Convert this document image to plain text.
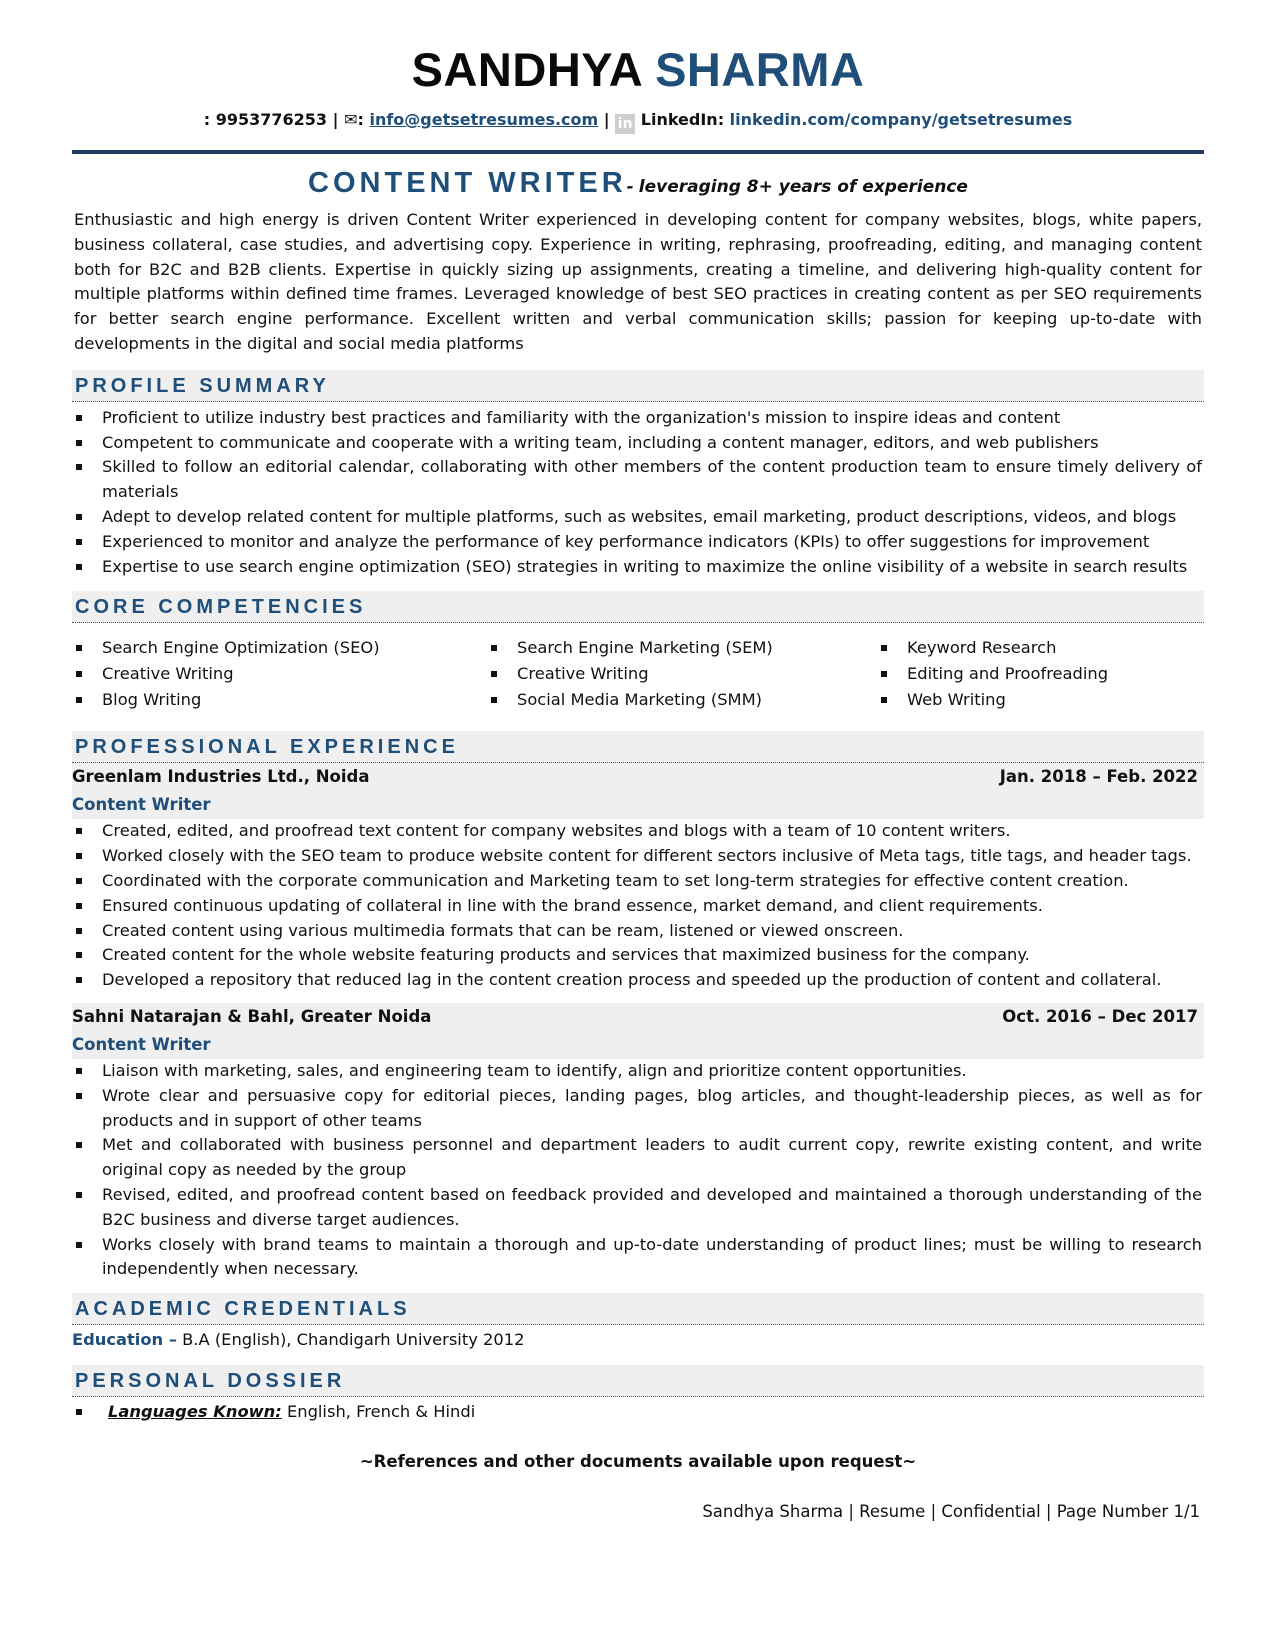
SANDHYA SHARMA
: 9953776253 | ✉: info@getsetresumes.com | in LinkedIn: linkedin.com/company/getsetresumes
CONTENT WRITER- leveraging 8+ years of experience

Enthusiastic and high energy is driven Content Writer experienced in developing content for company websites, blogs, white papers, business collateral, case studies, and advertising copy. Experience in writing, rephrasing, proofreading, editing, and managing content both for B2C and B2B clients. Expertise in quickly sizing up assignments, creating a timeline, and delivering high-quality content for multiple platforms within defined time frames. Leveraged knowledge of best SEO practices in creating content as per SEO requirements for better search engine performance. Excellent written and verbal communication skills; passion for keeping up-to-date with developments in the digital and social media platforms

PROFILE SUMMARY
Proficient to utilize industry best practices and familiarity with the organization's mission to inspire ideas and content
Competent to communicate and cooperate with a writing team, including a content manager, editors, and web publishers
Skilled to follow an editorial calendar, collaborating with other members of the content production team to ensure timely delivery of materials
Adept to develop related content for multiple platforms, such as websites, email marketing, product descriptions, videos, and blogs
Experienced to monitor and analyze the performance of key performance indicators (KPIs) to offer suggestions for improvement
Expertise to use search engine optimization (SEO) strategies in writing to maximize the online visibility of a website in search results
CORE COMPETENCIES
Search Engine Optimization (SEO)
Creative Writing
Blog Writing
Search Engine Marketing (SEM)
Creative Writing
Social Media Marketing (SMM)
Keyword Research
Editing and Proofreading
Web Writing
PROFESSIONAL EXPERIENCE
Greenlam Industries Ltd., Noida	Jan. 2018 – Feb. 2022
Content Writer
Created, edited, and proofread text content for company websites and blogs with a team of 10 content writers.
Worked closely with the SEO team to produce website content for different sectors inclusive of Meta tags, title tags, and header tags.
Coordinated with the corporate communication and Marketing team to set long-term strategies for effective content creation.
Ensured continuous updating of collateral in line with the brand essence, market demand, and client requirements.
Created content using various multimedia formats that can be ream, listened or viewed onscreen.
Created content for the whole website featuring products and services that maximized business for the company.
Developed a repository that reduced lag in the content creation process and speeded up the production of content and collateral.
Sahni Natarajan & Bahl, Greater Noida	Oct. 2016 – Dec 2017
Content Writer
Liaison with marketing, sales, and engineering team to identify, align and prioritize content opportunities.
Wrote clear and persuasive copy for editorial pieces, landing pages, blog articles, and thought-leadership pieces, as well as for products and in support of other teams
Met and collaborated with business personnel and department leaders to audit current copy, rewrite existing content, and write original copy as needed by the group
Revised, edited, and proofread content based on feedback provided and developed and maintained a thorough understanding of the B2C business and diverse target audiences.
Works closely with brand teams to maintain a thorough and up-to-date understanding of product lines; must be willing to research independently when necessary.
ACADEMIC CREDENTIALS
Education – B.A (English), Chandigarh University 2012
PERSONAL DOSSIER
Languages Known: English, French & Hindi
~References and other documents available upon request~
Sandhya Sharma | Resume | Confidential | Page Number 1/1
